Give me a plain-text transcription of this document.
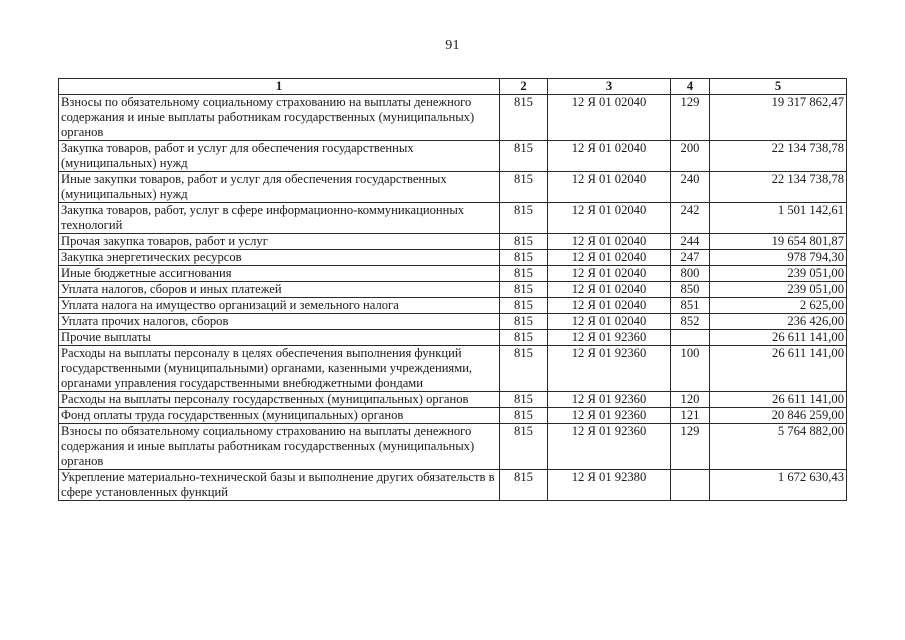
91
1	2	3	4	5
Взносы по обязательному социальному страхованию на выплаты денежного содержания и иные выплаты работникам государственных (муниципальных) органов	815	12 Я 01 02040	129	19 317 862,47
Закупка товаров, работ и услуг для обеспечения государственных (муниципальных) нужд	815	12 Я 01 02040	200	22 134 738,78
Иные закупки товаров, работ и услуг для обеспечения государственных (муниципальных) нужд	815	12 Я 01 02040	240	22 134 738,78
Закупка товаров, работ, услуг в сфере информационно-коммуникационных технологий	815	12 Я 01 02040	242	1 501 142,61
Прочая закупка товаров, работ и услуг	815	12 Я 01 02040	244	19 654 801,87
Закупка энергетических ресурсов	815	12 Я 01 02040	247	978 794,30
Иные бюджетные ассигнования	815	12 Я 01 02040	800	239 051,00
Уплата налогов, сборов и иных платежей	815	12 Я 01 02040	850	239 051,00
Уплата налога на имущество организаций и земельного налога	815	12 Я 01 02040	851	2 625,00
Уплата прочих налогов, сборов	815	12 Я 01 02040	852	236 426,00
Прочие выплаты	815	12 Я 01 92360		26 611 141,00
Расходы на выплаты персоналу в целях обеспечения выполнения функций государственными (муниципальными) органами, казенными учреждениями, органами управления государственными внебюджетными фондами	815	12 Я 01 92360	100	26 611 141,00
Расходы на выплаты персоналу государственных (муниципальных) органов	815	12 Я 01 92360	120	26 611 141,00
Фонд оплаты труда государственных (муниципальных) органов	815	12 Я 01 92360	121	20 846 259,00
Взносы по обязательному социальному страхованию на выплаты денежного содержания и иные выплаты работникам государственных (муниципальных) органов	815	12 Я 01 92360	129	5 764 882,00
Укрепление материально-технической базы и выполнение других обязательств в сфере установленных функций	815	12 Я 01 92380		1 672 630,43
